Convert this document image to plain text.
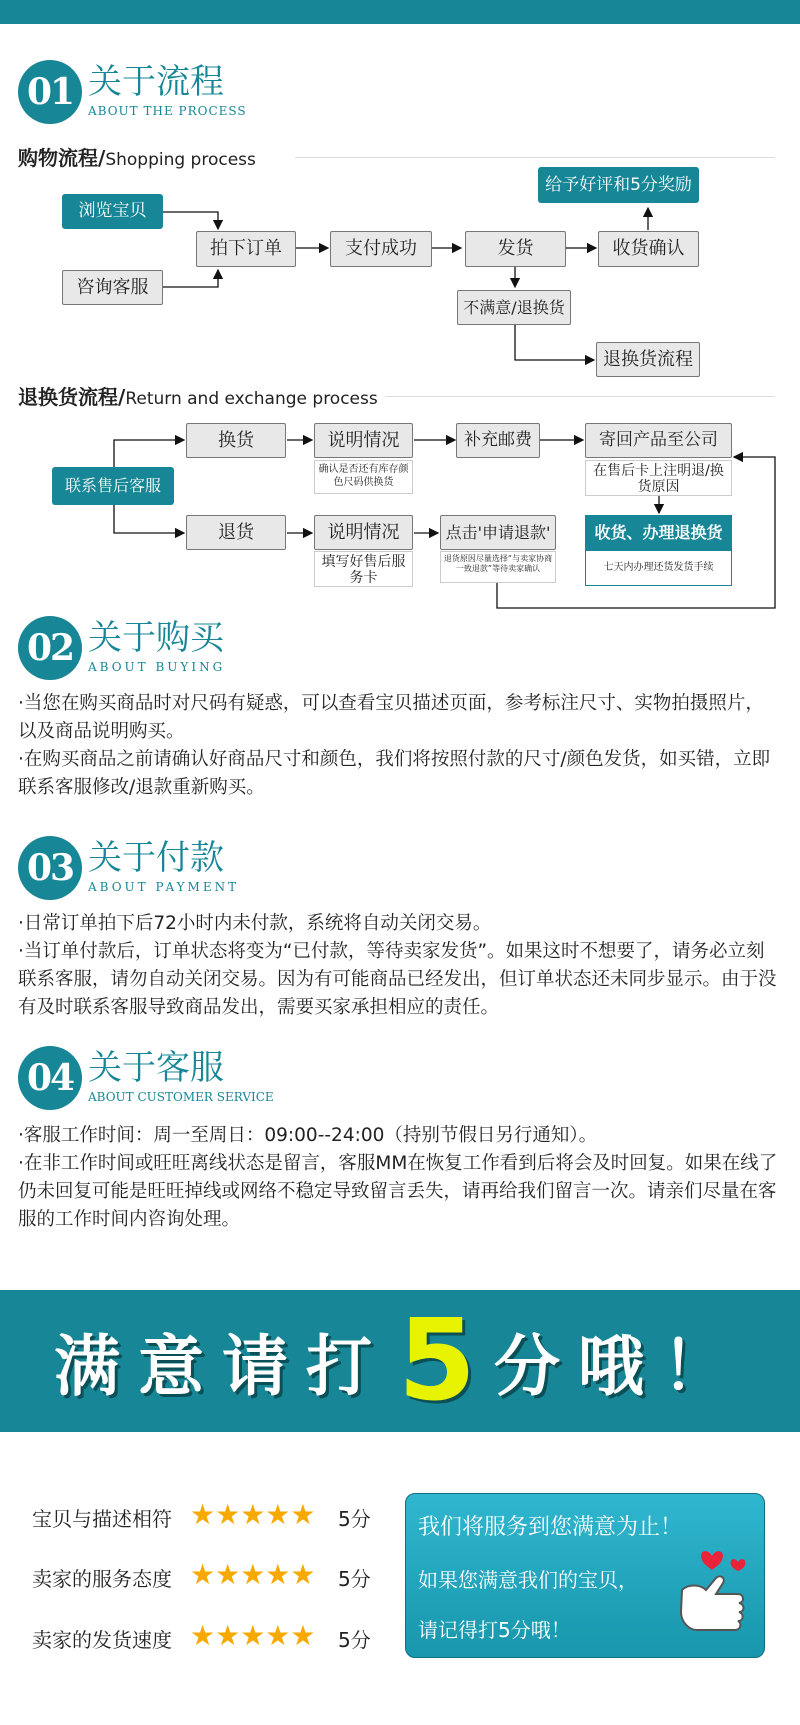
01 关于流程
ABOUT THE PROCESS
购物流程/Shopping process
浏览宝贝
咨询客服
拍下订单	支付成功	发货	收货确认
给予好评和5分奖励
不满意/退换货
退换货流程
退换货流程/Return and exchange process
联系售后客服
换货
退货
说明情况
确认是否还有库存颜色尺码供换货
补充邮费	寄回产品至公司
在售后卡上注明退/换货原因
说明情况
填写好售后服务卡
点击'申请退款'
退货原因尽量选择“与卖家协商一致退款”等待卖家确认
收货、办理退换货
七天内办理还货发货手续
02 关于购买
ABOUT BUYING

·当您在购买商品时对尺码有疑惑，可以查看宝贝描述页面，参考标注尺寸、实物拍摄照片，以及商品说明购买。

·在购买商品之前请确认好商品尺寸和颜色，我们将按照付款的尺寸/颜色发货，如买错，立即联系客服修改/退款重新购买。

03 关于付款
ABOUT PAYMENT

·日常订单拍下后72小时内未付款，系统将自动关闭交易。

·当订单付款后，订单状态将变为“已付款，等待卖家发货”。如果这时不想要了，请务必立刻联系客服，请勿自动关闭交易。因为有可能商品已经发出，但订单状态还未同步显示。由于没有及时联系客服导致商品发出，需要买家承担相应的责任。

04 关于客服
ABOUT CUSTOMER SERVICE

·客服工作时间：周一至周日：09:00--24:00（持别节假日另行通知）。

·在非工作时间或旺旺离线状态是留言，客服MM在恢复工作看到后将会及时回复。如果在线了仍未回复可能是旺旺掉线或网络不稳定导致留言丢失，请再给我们留言一次。请亲们尽量在客服的工作时间内咨询处理。

满意请打5 分哦！
宝贝与描述相符 ★★★★★ 5分
卖家的服务态度 ★★★★★ 5分
卖家的发货速度 ★★★★★ 5分
我们将服务到您满意为止！
如果您满意我们的宝贝，
请记得打5分哦！
